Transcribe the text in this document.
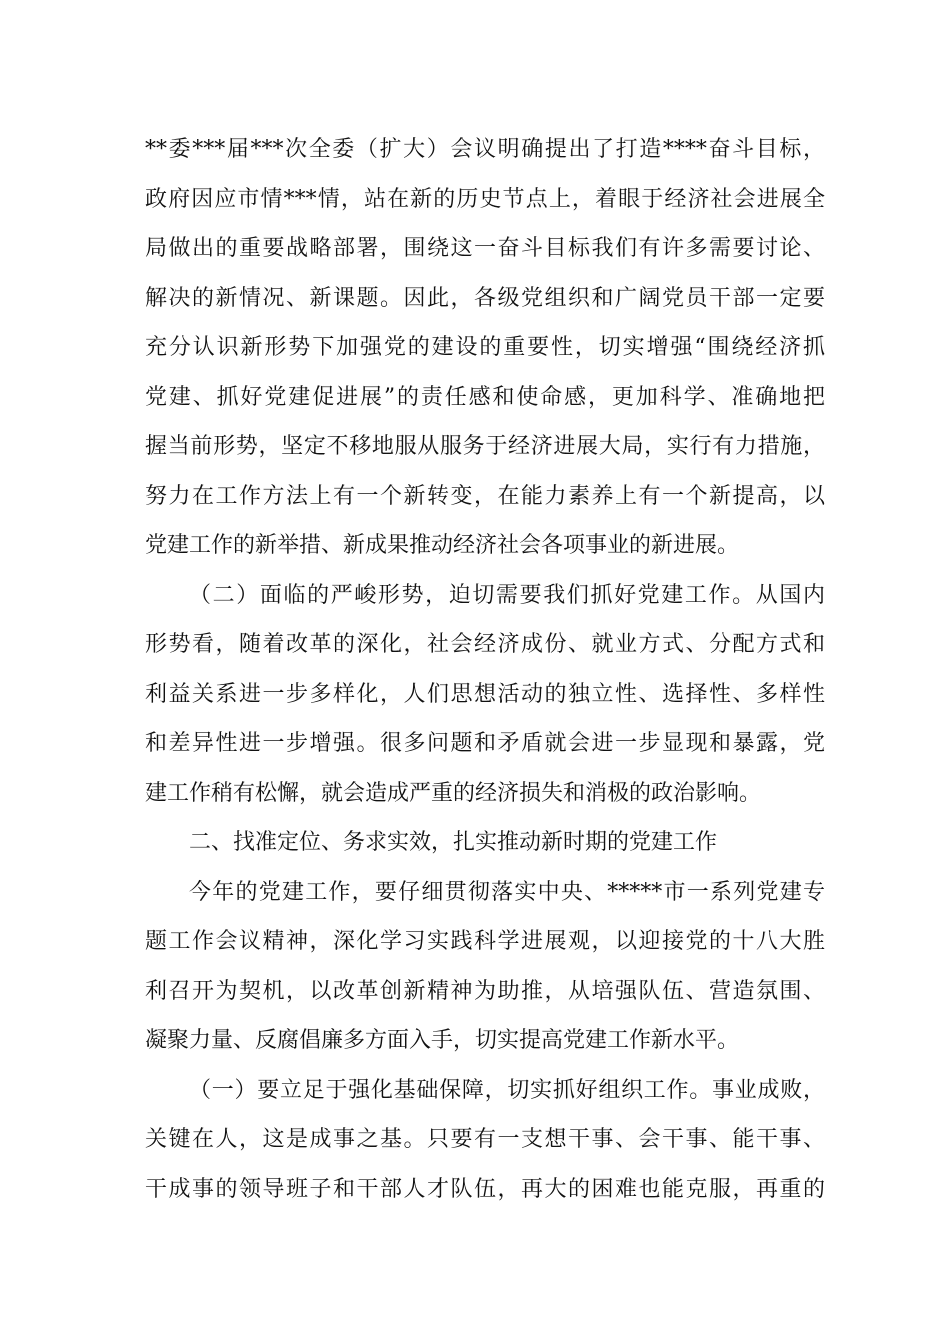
**委***届***次全委（扩大）会议明确提出了打造****奋斗目标，
政府因应市情***情，站在新的历史节点上，着眼于经济社会进展全
局做出的重要战略部署，围绕这一奋斗目标我们有许多需要讨论、
解决的新情况、新课题。因此，各级党组织和广阔党员干部一定要
充分认识新形势下加强党的建设的重要性，切实增强“围绕经济抓
党建、抓好党建促进展”的责任感和使命感，更加科学、准确地把
握当前形势，坚定不移地服从服务于经济进展大局，实行有力措施，
努力在工作方法上有一个新转变，在能力素养上有一个新提高，以
党建工作的新举措、新成果推动经济社会各项事业的新进展。
（二）面临的严峻形势，迫切需要我们抓好党建工作。从国内
形势看，随着改革的深化，社会经济成份、就业方式、分配方式和
利益关系进一步多样化，人们思想活动的独立性、选择性、多样性
和差异性进一步增强。很多问题和矛盾就会进一步显现和暴露，党
建工作稍有松懈，就会造成严重的经济损失和消极的政治影响。
二、找准定位、务求实效，扎实推动新时期的党建工作
今年的党建工作，要仔细贯彻落实中央、*****市一系列党建专
题工作会议精神，深化学习实践科学进展观，以迎接党的十八大胜
利召开为契机，以改革创新精神为助推，从培强队伍、营造氛围、
凝聚力量、反腐倡廉多方面入手，切实提高党建工作新水平。
（一）要立足于强化基础保障，切实抓好组织工作。事业成败，
关键在人，这是成事之基。只要有一支想干事、会干事、能干事、
干成事的领导班子和干部人才队伍，再大的困难也能克服，再重的
